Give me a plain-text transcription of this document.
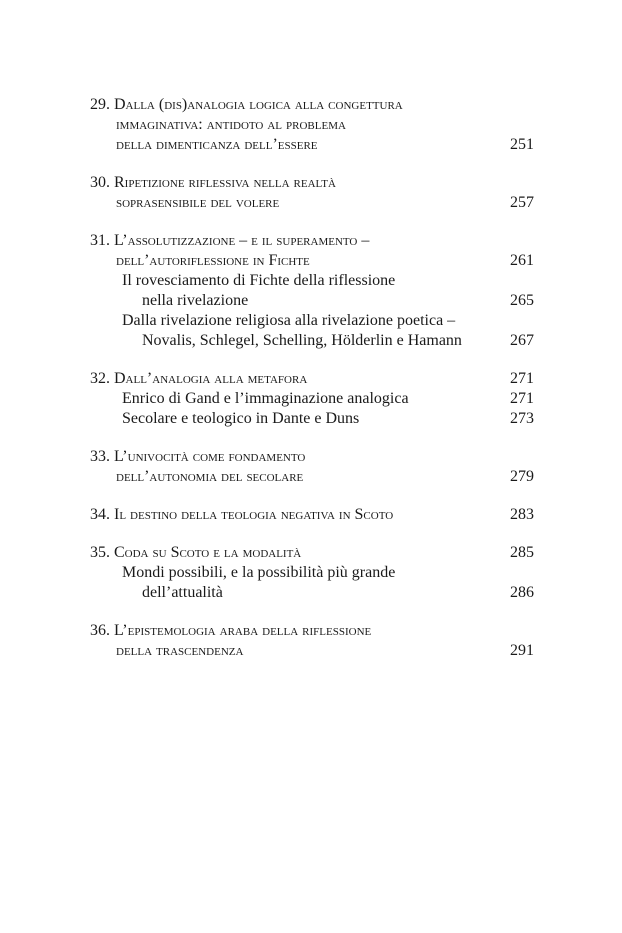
29. Dalla (dis)analogia logica alla congettura
immaginativa: antidoto al problema
della dimenticanza dell’essere	251
30. Ripetizione riflessiva nella realtà
soprasensibile del volere	257
31. L’assolutizzazione – e il superamento –
dell’autoriflessione in Fichte	261
Il rovesciamento di Fichte della riflessione
nella rivelazione	265
Dalla rivelazione religiosa alla rivelazione poetica –
Novalis, Schlegel, Schelling, Hölderlin e Hamann	267
32. Dall’analogia alla metafora	271
Enrico di Gand e l’immaginazione analogica	271
Secolare e teologico in Dante e Duns	273
33. L’univocità come fondamento
dell’autonomia del secolare	279
34. Il destino della teologia negativa in Scoto	283
35. Coda su Scoto e la modalità	285
Mondi possibili, e la possibilità più grande
dell’attualità	286
36. L’epistemologia araba della riflessione
della trascendenza	291
